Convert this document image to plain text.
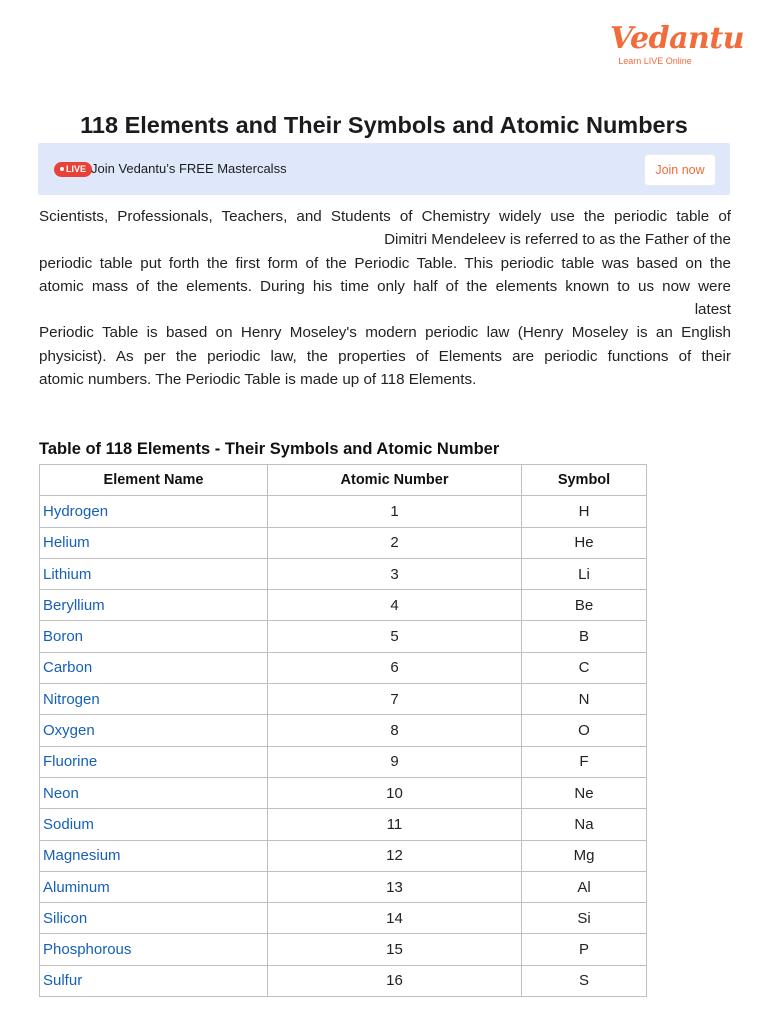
Vedantu
Learn LIVE Online
118 Elements and Their Symbols and Atomic Numbers
LIVE Join Vedantu’s FREE Mastercalss	Join now
Scientists, Professionals, Teachers, and Students of Chemistry widely use the periodic table of
Dimitri Mendeleev is referred to as the Father of the
periodic table put forth the first form of the Periodic Table. This periodic table was based on the
atomic mass of the elements. During his time only half of the elements known to us now were
latest
Periodic Table is based on Henry Moseley's modern periodic law (Henry Moseley is an English
physicist). As per the periodic law, the properties of Elements are periodic functions of their
atomic numbers. The Periodic Table is made up of 118 Elements.
Table of 118 Elements - Their Symbols and Atomic Number
Element Name	Atomic Number	Symbol
Hydrogen	1	H
Helium	2	He
Lithium	3	Li
Beryllium	4	Be
Boron	5	B
Carbon	6	C
Nitrogen	7	N
Oxygen	8	O
Fluorine	9	F
Neon	10	Ne
Sodium	11	Na
Magnesium	12	Mg
Aluminum	13	Al
Silicon	14	Si
Phosphorous	15	P
Sulfur	16	S
